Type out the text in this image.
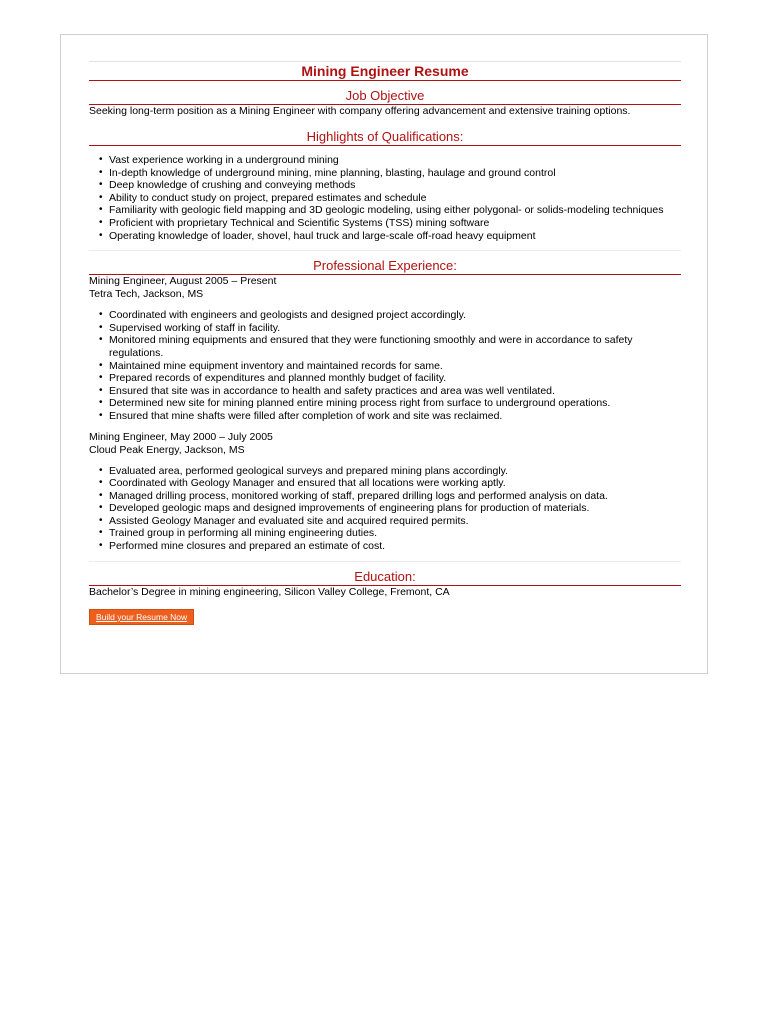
Mining Engineer Resume
Job Objective
Seeking long-term position as a Mining Engineer with company offering advancement and extensive training options.
Highlights of Qualifications:
• Vast experience working in a underground mining
• In-depth knowledge of underground mining, mine planning, blasting, haulage and ground control
• Deep knowledge of crushing and conveying methods
• Ability to conduct study on project, prepared estimates and schedule
• Familiarity with geologic field mapping and 3D geologic modeling, using either polygonal- or solids-modeling techniques
• Proficient with proprietary Technical and Scientific Systems (TSS) mining software
• Operating knowledge of loader, shovel, haul truck and large-scale off-road heavy equipment
Professional Experience:
Mining Engineer, August 2005 – Present
Tetra Tech, Jackson, MS
• Coordinated with engineers and geologists and designed project accordingly.
• Supervised working of staff in facility.
• Monitored mining equipments and ensured that they were functioning smoothly and were in accordance to safety regulations.
• Maintained mine equipment inventory and maintained records for same.
• Prepared records of expenditures and planned monthly budget of facility.
• Ensured that site was in accordance to health and safety practices and area was well ventilated.
• Determined new site for mining planned entire mining process right from surface to underground operations.
• Ensured that mine shafts were filled after completion of work and site was reclaimed.
Mining Engineer, May 2000 – July 2005
Cloud Peak Energy, Jackson, MS
• Evaluated area, performed geological surveys and prepared mining plans accordingly.
• Coordinated with Geology Manager and ensured that all locations were working aptly.
• Managed drilling process, monitored working of staff, prepared drilling logs and performed analysis on data.
• Developed geologic maps and designed improvements of engineering plans for production of materials.
• Assisted Geology Manager and evaluated site and acquired required permits.
• Trained group in performing all mining engineering duties.
• Performed mine closures and prepared an estimate of cost.
Education:
Bachelor’s Degree in mining engineering, Silicon Valley College, Fremont, CA
Build your Resume Now
